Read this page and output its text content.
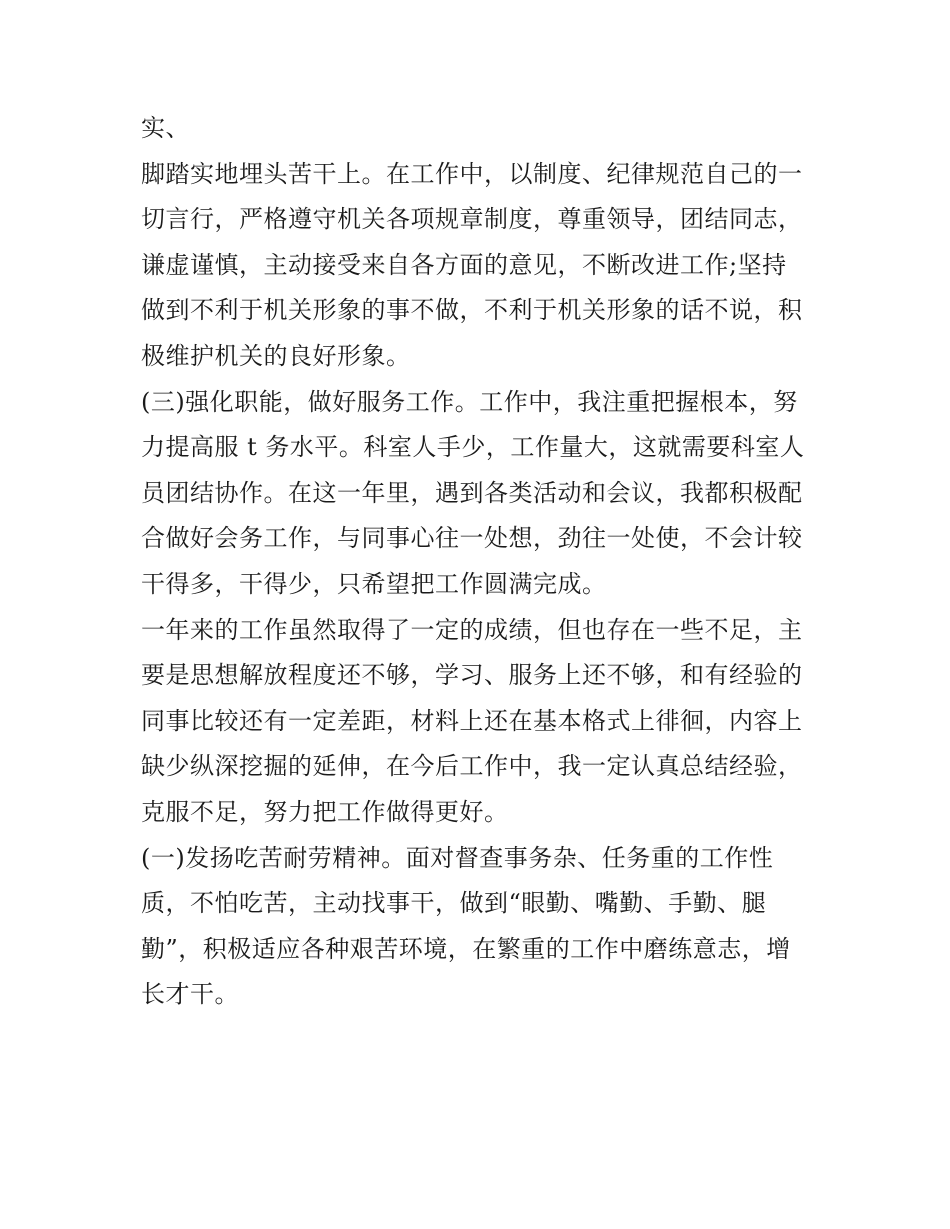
实、
脚踏实地埋头苦干上。在工作中，以制度、纪律规范自己的一
切言行，严格遵守机关各项规章制度，尊重领导，团结同志，
谦虚谨慎，主动接受来自各方面的意见，不断改进工作;坚持
做到不利于机关形象的事不做，不利于机关形象的话不说，积
极维护机关的良好形象。
(三)强化职能，做好服务工作。工作中，我注重把握根本，努
力提高服 t 务水平。科室人手少，工作量大，这就需要科室人
员团结协作。在这一年里，遇到各类活动和会议，我都积极配
合做好会务工作，与同事心往一处想，劲往一处使，不会计较
干得多，干得少，只希望把工作圆满完成。
一年来的工作虽然取得了一定的成绩，但也存在一些不足，主
要是思想解放程度还不够，学习、服务上还不够，和有经验的
同事比较还有一定差距，材料上还在基本格式上徘徊，内容上
缺少纵深挖掘的延伸，在今后工作中，我一定认真总结经验，
克服不足，努力把工作做得更好。
(一)发扬吃苦耐劳精神。面对督查事务杂、任务重的工作性
质，不怕吃苦，主动找事干，做到“眼勤、嘴勤、手勤、腿
勤”，积极适应各种艰苦环境，在繁重的工作中磨练意志，增
长才干。
